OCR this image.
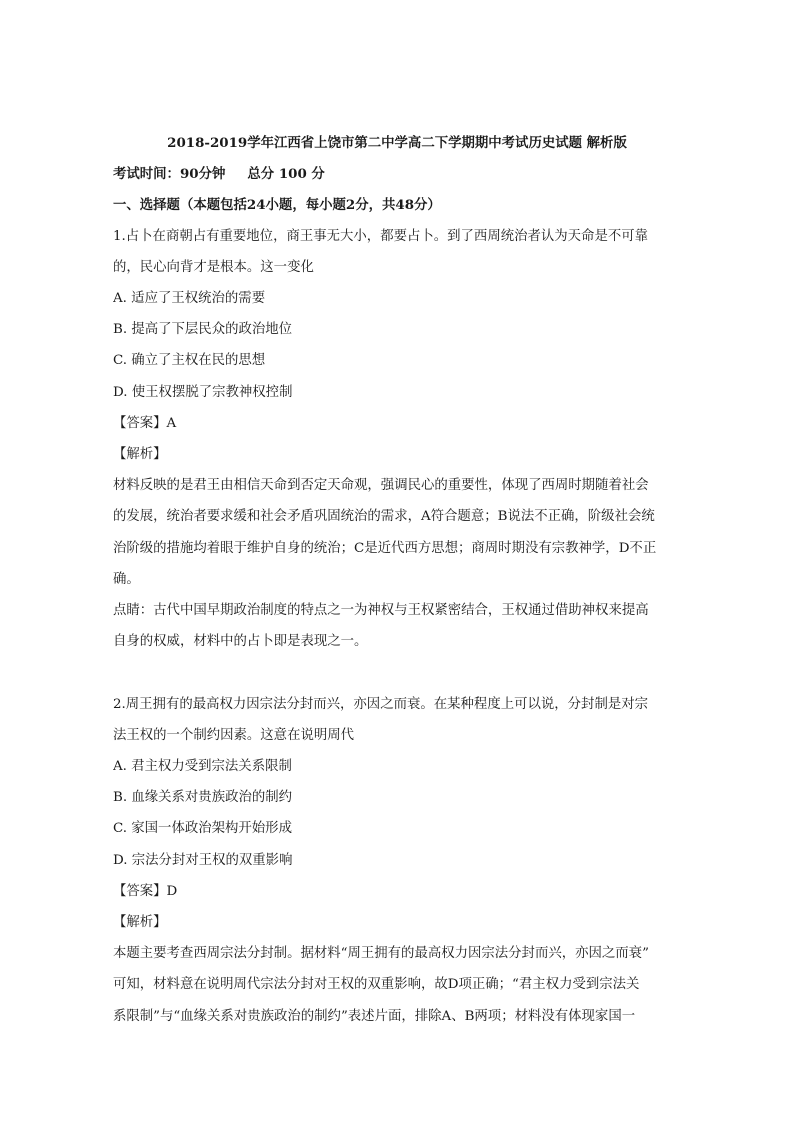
2018-2019学年江西省上饶市第二中学高二下学期期中考试历史试题 解析版
考试时间：90分钟 总分 100 分
一、选择题（本题包括24小题，每小题2分，共48分）
1.占卜在商朝占有重要地位，商王事无大小，都要占卜。到了西周统治者认为天命是不可靠
的，民心向背才是根本。这一变化
A. 适应了王权统治的需要
B. 提高了下层民众的政治地位
C. 确立了主权在民的思想
D. 使王权摆脱了宗教神权控制
【答案】A
【解析】
材料反映的是君王由相信天命到否定天命观，强调民心的重要性，体现了西周时期随着社会
的发展，统治者要求缓和社会矛盾巩固统治的需求，A符合题意；B说法不正确，阶级社会统
治阶级的措施均着眼于维护自身的统治；C是近代西方思想；商周时期没有宗教神学，D不正
确。
点睛：古代中国早期政治制度的特点之一为神权与王权紧密结合，王权通过借助神权来提高
自身的权威，材料中的占卜即是表现之一。
2.周王拥有的最高权力因宗法分封而兴，亦因之而衰。在某种程度上可以说，分封制是对宗
法王权的一个制约因素。这意在说明周代
A. 君主权力受到宗法关系限制
B. 血缘关系对贵族政治的制约
C. 家国一体政治架构开始形成
D. 宗法分封对王权的双重影响
【答案】D
【解析】
本题主要考查西周宗法分封制。据材料“周王拥有的最高权力因宗法分封而兴，亦因之而衰”
可知，材料意在说明周代宗法分封对王权的双重影响，故D项正确；“君主权力受到宗法关
系限制”与“血缘关系对贵族政治的制约”表述片面，排除A、B两项；材料没有体现家国一
